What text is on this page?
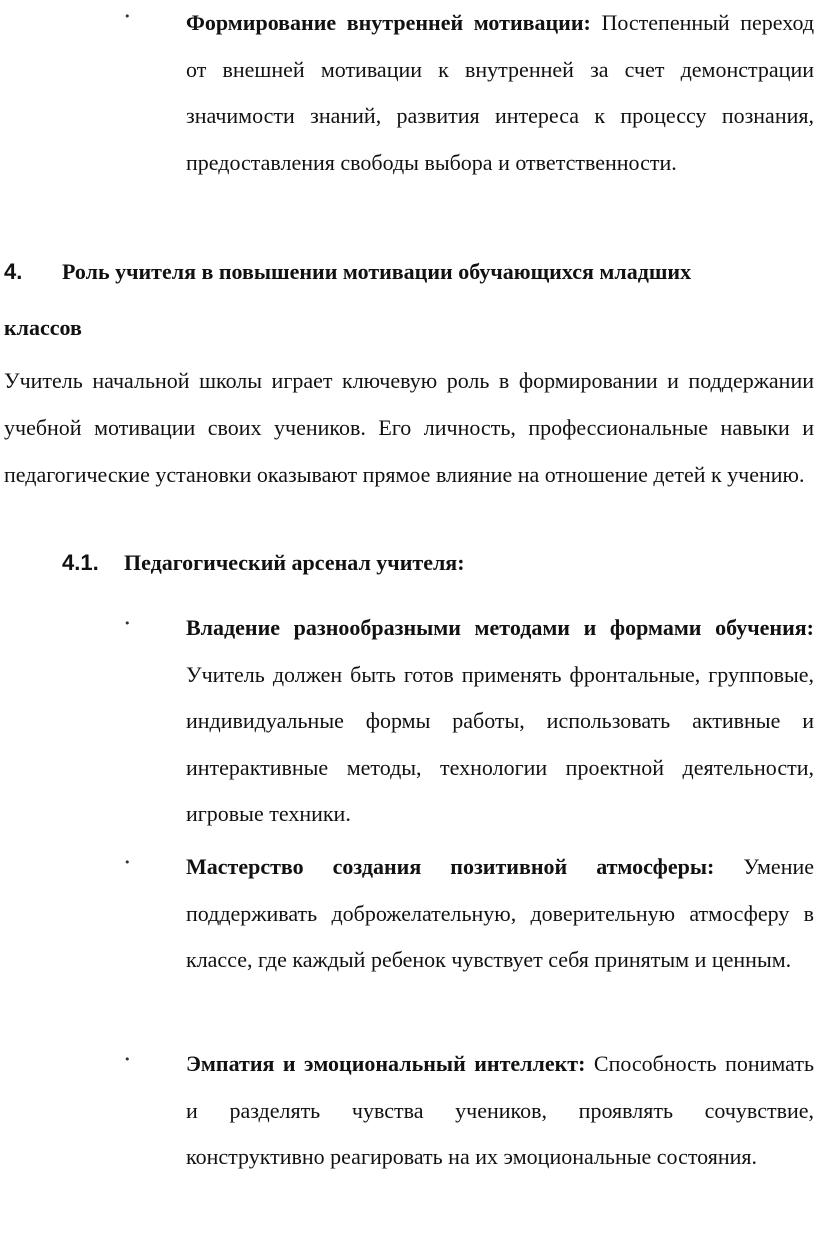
•	Формирование внутренней мотивации: Постепенный переход от внешней мотивации к внутренней за счет демонстрации значимости знаний, развития интереса к процессу познания, предоставления свободы выбора и ответственности.
4. Роль учителя в повышении мотивации обучающихся младших
классов
Учитель начальной школы играет ключевую роль в формировании и поддержании учебной мотивации своих учеников. Его личность, профессиональные навыки и педагогические установки оказывают прямое влияние на отношение детей к учению.
4.1. Педагогический арсенал учителя:
•	Владение разнообразными методами и формами обучения: Учитель должен быть готов применять фронтальные, групповые, индивидуальные формы работы, использовать активные и интерактивные методы, технологии проектной деятельности, игровые техники.
•	Мастерство создания позитивной атмосферы: Умение поддерживать доброжелательную, доверительную атмосферу в классе, где каждый ребенок чувствует себя принятым и ценным.
•	Эмпатия и эмоциональный интеллект: Способность понимать и разделять чувства учеников, проявлять сочувствие, конструктивно реагировать на их эмоциональные состояния.
